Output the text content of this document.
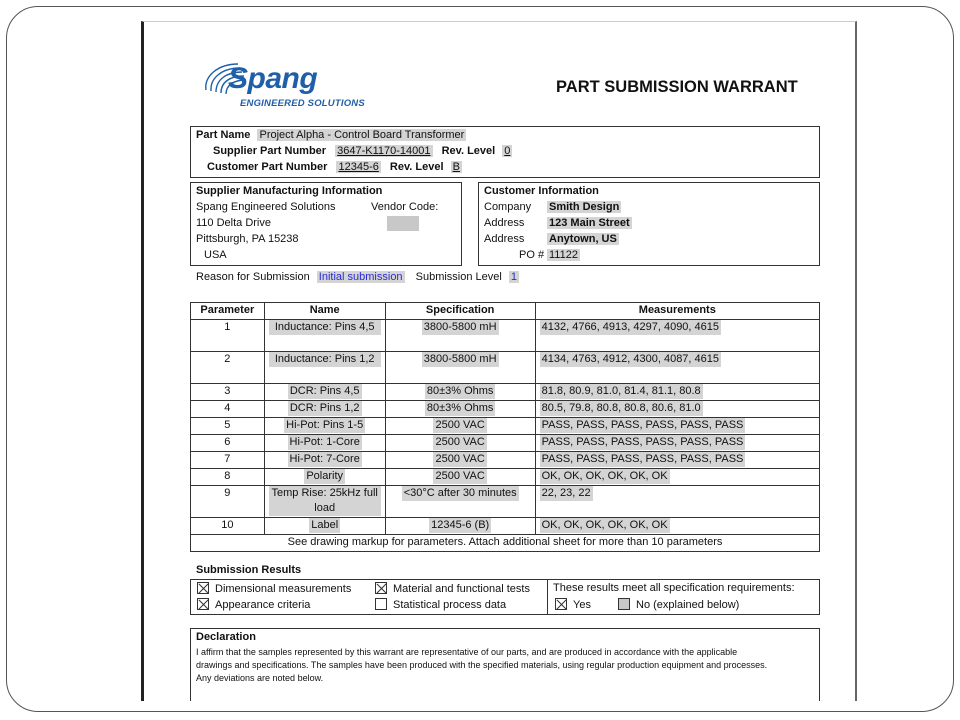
Spang
ENGINEERED SOLUTIONS
PART SUBMISSION WARRANT
Part Name Project Alpha - Control Board Transformer
Supplier Part Number 3647-K1170-14001 Rev. Level 0
Customer Part Number 12345-6 Rev. Level B
Supplier Manufacturing Information
Spang Engineered Solutions	Vendor Code:
110 Delta Drive
Pittsburgh, PA 15238
USA
Customer Information
Company Smith Design
Address 123 Main Street
Address Anytown, US
PO # 11122
Reason for Submission Initial submission Submission Level 1
Parameter	Name	Specification	Measurements
1	Inductance: Pins 4,5	3800-5800 mH	4132, 4766, 4913, 4297, 4090, 4615
2	Inductance: Pins 1,2	3800-5800 mH	4134, 4763, 4912, 4300, 4087, 4615
3	DCR: Pins 4,5	80±3% Ohms	81.8, 80.9, 81.0, 81.4, 81.1, 80.8
4	DCR: Pins 1,2	80±3% Ohms	80.5, 79.8, 80.8, 80.8, 80.6, 81.0
5	Hi-Pot: Pins 1-5	2500 VAC	PASS, PASS, PASS, PASS, PASS, PASS
6	Hi-Pot: 1-Core	2500 VAC	PASS, PASS, PASS, PASS, PASS, PASS
7	Hi-Pot: 7-Core	2500 VAC	PASS, PASS, PASS, PASS, PASS, PASS
8	Polarity	2500 VAC	OK, OK, OK, OK, OK, OK
9	Temp Rise: 25kHz full load	<30°C after 30 minutes	22, 23, 22
10	Label	12345-6 (B)	OK, OK, OK, OK, OK, OK
See drawing markup for parameters. Attach additional sheet for more than 10 parameters			
Submission Results
Dimensional measurements
Appearance criteria
Material and functional tests
Statistical process data
These results meet all specification requirements:
Yes	No (explained below)
Declaration
I affirm that the samples represented by this warrant are representative of our parts, and are produced in accordance with the applicable
drawings and specifications. The samples have been produced with the specified materials, using regular production equipment and processes.
Any deviations are noted below.
